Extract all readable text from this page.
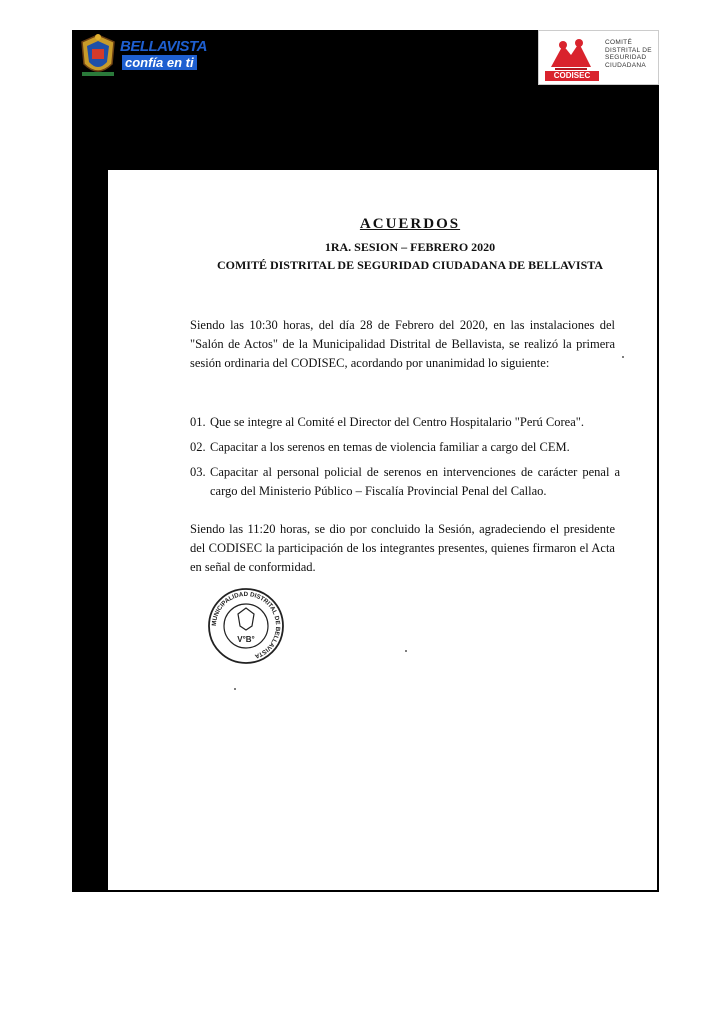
BELLAVISTA
confía en ti
CODISEC
COMITÉ
DISTRITAL DE
SEGURIDAD
CIUDADANA
ACUERDOS
1RA. SESION – FEBRERO 2020
COMITÉ DISTRITAL DE SEGURIDAD CIUDADANA DE BELLAVISTA
Siendo las 10:30 horas, del día 28 de Febrero del 2020, en las instalaciones del "Salón de Actos" de la Municipalidad Distrital de Bellavista, se realizó la primera sesión ordinaria del CODISEC, acordando por unanimidad lo siguiente:
01. Que se integre al Comité el Director del Centro Hospitalario "Perú Corea".
02. Capacitar a los serenos en temas de violencia familiar a cargo del CEM.
03. Capacitar al personal policial de serenos en intervenciones de carácter penal a cargo del Ministerio Público – Fiscalía Provincial Penal del Callao.
Siendo las 11:20 horas, se dio por concluido la Sesión, agradeciendo el presidente del CODISEC la participación de los integrantes presentes, quienes firmaron el Acta en señal de conformidad.
MUNICIPALIDAD DISTRITAL DE BELLAVISTA
V°B°
